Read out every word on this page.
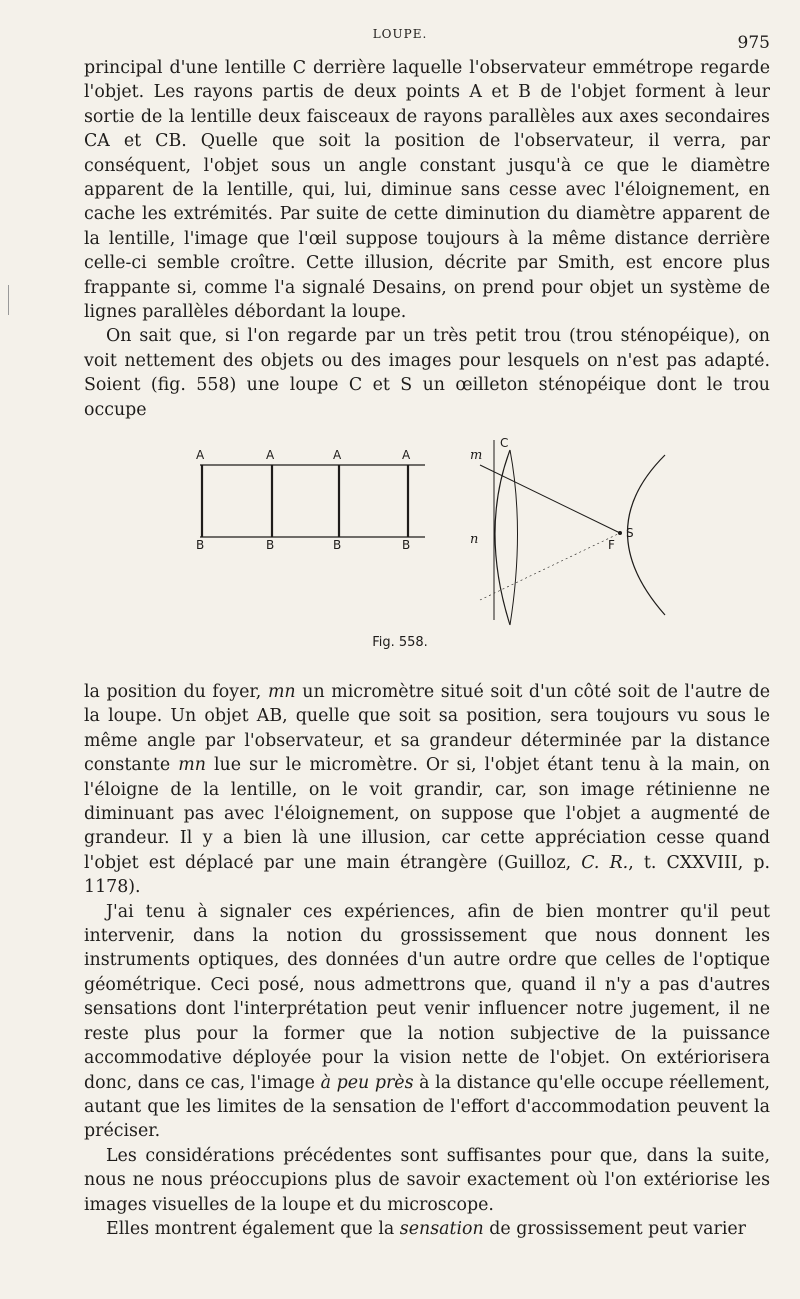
LOUPE.	975

principal d'une lentille C derrière laquelle l'observateur emmétrope regarde l'objet. Les rayons partis de deux points A et B de l'objet forment à leur sortie de la lentille deux faisceaux de rayons parallèles aux axes secondaires CA et CB. Quelle que soit la position de l'observateur, il verra, par conséquent, l'objet sous un angle constant jusqu'à ce que le diamètre apparent de la lentille, qui, lui, diminue sans cesse avec l'éloignement, en cache les extrémités. Par suite de cette diminution du diamètre apparent de la lentille, l'image que l'œil suppose toujours à la même distance derrière celle-ci semble croître. Cette illusion, décrite par Smith, est encore plus frappante si, comme l'a signalé Desains, on prend pour objet un système de lignes parallèles débordant la loupe.

On sait que, si l'on regarde par un très petit trou (trou sténopéique), on voit nettement des objets ou des images pour lesquels on n'est pas adapté. Soient (fig. 558) une loupe C et S un œilleton sténopéique dont le trou occupe

A	A	A	A
B	B	B	B
m
n
C
S
F
Fig. 558.

la position du foyer, mn un micromètre situé soit d'un côté soit de l'autre de la loupe. Un objet AB, quelle que soit sa position, sera toujours vu sous le même angle par l'observateur, et sa grandeur déterminée par la distance constante mn lue sur le micromètre. Or si, l'objet étant tenu à la main, on l'éloigne de la lentille, on le voit grandir, car, son image rétinienne ne diminuant pas avec l'éloignement, on suppose que l'objet a augmenté de grandeur. Il y a bien là une illusion, car cette appréciation cesse quand l'objet est déplacé par une main étrangère (Guilloz, C. R., t. CXXVIII, p. 1178).

J'ai tenu à signaler ces expériences, afin de bien montrer qu'il peut intervenir, dans la notion du grossissement que nous donnent les instruments optiques, des données d'un autre ordre que celles de l'optique géométrique. Ceci posé, nous admettrons que, quand il n'y a pas d'autres sensations dont l'interprétation peut venir influencer notre jugement, il ne reste plus pour la former que la notion subjective de la puissance accommodative déployée pour la vision nette de l'objet. On extériorisera donc, dans ce cas, l'image à peu près à la distance qu'elle occupe réellement, autant que les limites de la sensation de l'effort d'accommodation peuvent la préciser.

Les considérations précédentes sont suffisantes pour que, dans la suite, nous ne nous préoccupions plus de savoir exactement où l'on extériorise les images visuelles de la loupe et du microscope.

Elles montrent également que la sensation de grossissement peut varier
